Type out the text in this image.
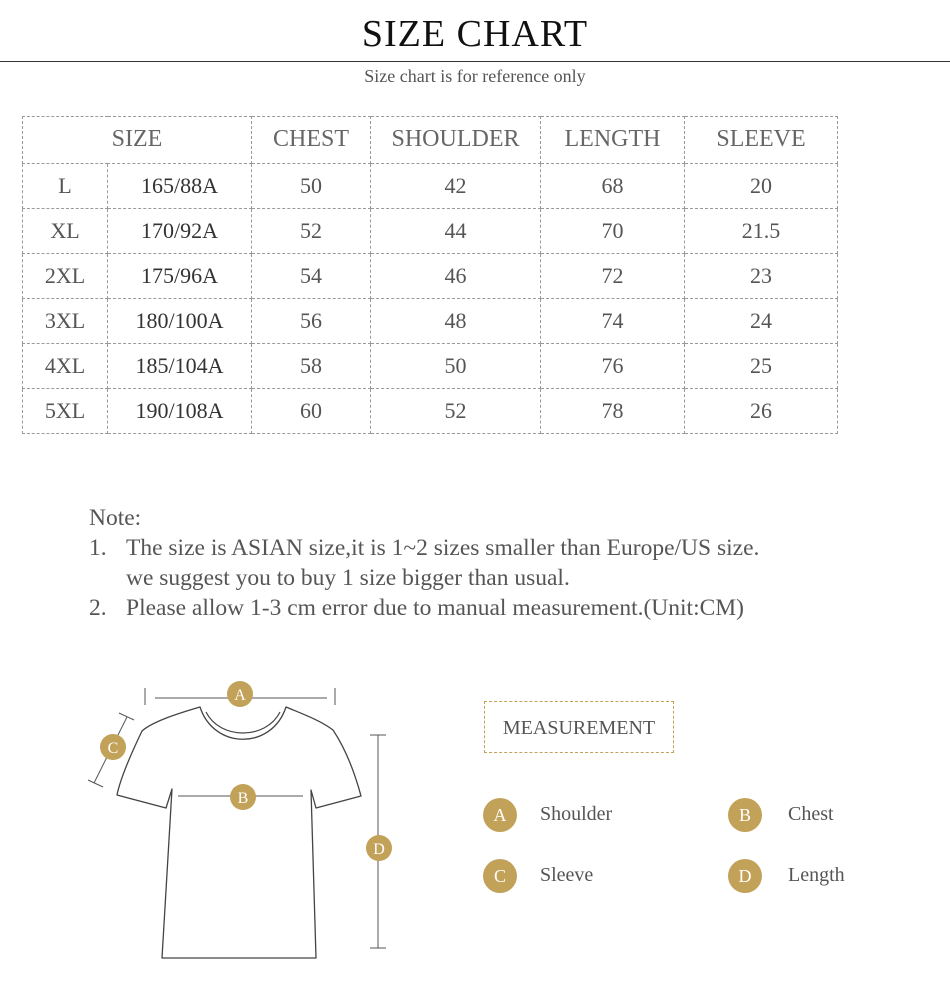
SIZE CHART
Size chart is for reference only
SIZE		CHEST	SHOULDER	LENGTH	SLEEVE
L	165/88A	50	42	68	20
XL	170/92A	52	44	70	21.5
2XL	175/96A	54	46	72	23
3XL	180/100A	56	48	74	24
4XL	185/104A	58	50	76	25
5XL	190/108A	60	52	78	26
Note:
1. The size is ASIAN size,it is 1~2 sizes smaller than Europe/US size.
we suggest you to buy 1 size bigger than usual.
2. Please allow 1-3 cm error due to manual measurement.(Unit:CM)
A
B
C
D
MEASUREMENT
A	Shoulder	B	Chest
C	Sleeve	D	Length
